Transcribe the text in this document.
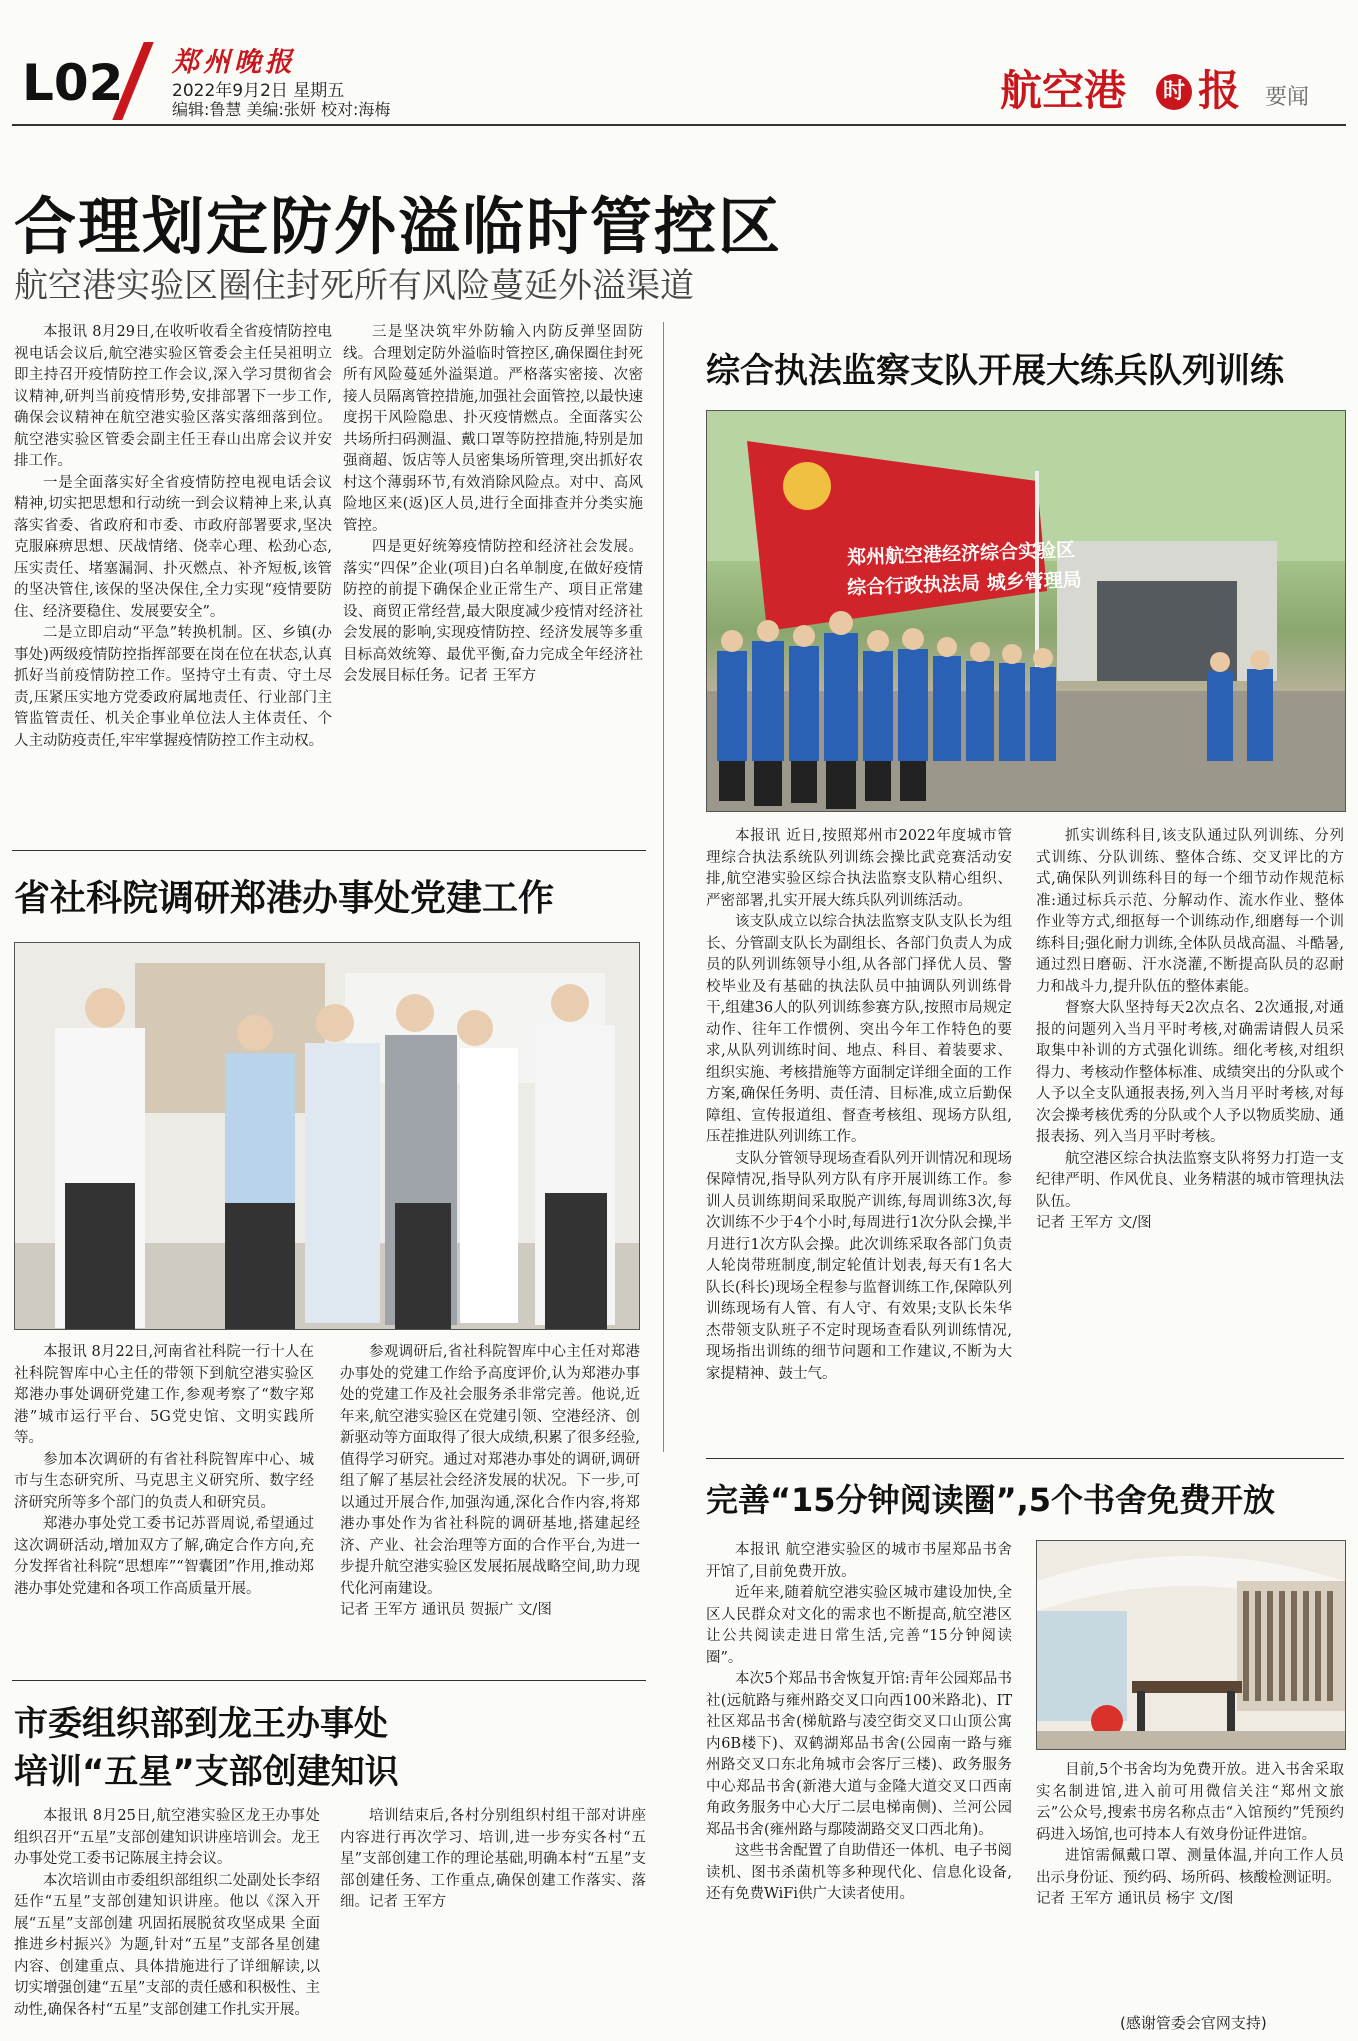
L02 郑州晚报
2022年9月2日 星期五
编辑:鲁慧 美编:张妍 校对:海梅	航空港	时 报 要闻
合理划定防外溢临时管控区
航空港实验区圈住封死所有风险蔓延外溢渠道

本报讯 8月29日,在收听收看全省疫情防控电视电话会议后,航空港实验区管委会主任吴祖明立即主持召开疫情防控工作会议,深入学习贯彻省会议精神,研判当前疫情形势,安排部署下一步工作,确保会议精神在航空港实验区落实落细落到位。航空港实验区管委会副主任王春山出席会议并安排工作。

一是全面落实好全省疫情防控电视电话会议精神,切实把思想和行动统一到会议精神上来,认真落实省委、省政府和市委、市政府部署要求,坚决克服麻痹思想、厌战情绪、侥幸心理、松劲心态,压实责任、堵塞漏洞、扑灭燃点、补齐短板,该管的坚决管住,该保的坚决保住,全力实现“疫情要防住、经济要稳住、发展要安全”。

二是立即启动“平急”转换机制。区、乡镇(办事处)两级疫情防控指挥部要在岗在位在状态,认真抓好当前疫情防控工作。坚持守土有责、守土尽责,压紧压实地方党委政府属地责任、行业部门主管监管责任、机关企事业单位法人主体责任、个人主动防疫责任,牢牢掌握疫情防控工作主动权。

三是坚决筑牢外防输入内防反弹坚固防线。合理划定防外溢临时管控区,确保圈住封死所有风险蔓延外溢渠道。严格落实密接、次密接人员隔离管控措施,加强社会面管控,以最快速度拐干风险隐患、扑灭疫情燃点。全面落实公共场所扫码测温、戴口罩等防控措施,特别是加强商超、饭店等人员密集场所管理,突出抓好农村这个薄弱环节,有效消除风险点。对中、高风险地区来(返)区人员,进行全面排查并分类实施管控。

四是更好统筹疫情防控和经济社会发展。落实“四保”企业(项目)白名单制度,在做好疫情防控的前提下确保企业正常生产、项目正常建设、商贸正常经营,最大限度减少疫情对经济社会发展的影响,实现疫情防控、经济发展等多重目标高效统筹、最优平衡,奋力完成全年经济社会发展目标任务。记者 王军方

综合执法监察支队开展大练兵队列训练
郑州航空港经济综合实验区
综合行政执法局 城乡管理局

本报讯 近日,按照郑州市2022年度城市管理综合执法系统队列训练会操比武竞赛活动安排,航空港实验区综合执法监察支队精心组织、严密部署,扎实开展大练兵队列训练活动。

该支队成立以综合执法监察支队支队长为组长、分管副支队长为副组长、各部门负责人为成员的队列训练领导小组,从各部门择优人员、警校毕业及有基础的执法队员中抽调队列训练骨干,组建36人的队列训练参赛方队,按照市局规定动作、往年工作惯例、突出今年工作特色的要求,从队列训练时间、地点、科目、着装要求、组织实施、考核措施等方面制定详细全面的工作方案,确保任务明、责任清、目标准,成立后勤保障组、宣传报道组、督查考核组、现场方队组,压茬推进队列训练工作。

支队分管领导现场查看队列开训情况和现场保障情况,指导队列方队有序开展训练工作。参训人员训练期间采取脱产训练,每周训练3次,每次训练不少于4个小时,每周进行1次分队会操,半月进行1次方队会操。此次训练采取各部门负责人轮岗带班制度,制定轮值计划表,每天有1名大队长(科长)现场全程参与监督训练工作,保障队列训练现场有人管、有人守、有效果;支队长朱华杰带领支队班子不定时现场查看队列训练情况,现场指出训练的细节问题和工作建议,不断为大家提精神、鼓士气。

抓实训练科目,该支队通过队列训练、分列式训练、分队训练、整体合练、交叉评比的方式,确保队列训练科目的每一个细节动作规范标准:通过标兵示范、分解动作、流水作业、整体作业等方式,细抠每一个训练动作,细磨每一个训练科目;强化耐力训练,全体队员战高温、斗酷暑,通过烈日磨砺、汗水浇灌,不断提高队员的忍耐力和战斗力,提升队伍的整体素能。

督察大队坚持每天2次点名、2次通报,对通报的问题列入当月平时考核,对确需请假人员采取集中补训的方式强化训练。细化考核,对组织得力、考核动作整体标准、成绩突出的分队或个人予以全支队通报表扬,列入当月平时考核,对每次会操考核优秀的分队或个人予以物质奖励、通报表扬、列入当月平时考核。

航空港区综合执法监察支队将努力打造一支纪律严明、作风优良、业务精湛的城市管理执法队伍。

记者 王军方 文/图

省社科院调研郑港办事处党建工作

本报讯 8月22日,河南省社科院一行十人在社科院智库中心主任的带领下到航空港实验区郑港办事处调研党建工作,参观考察了“数字郑港”城市运行平台、5G党史馆、文明实践所等。

参加本次调研的有省社科院智库中心、城市与生态研究所、马克思主义研究所、数字经济研究所等多个部门的负责人和研究员。

郑港办事处党工委书记苏晋周说,希望通过这次调研活动,增加双方了解,确定合作方向,充分发挥省社科院“思想库”“智囊团”作用,推动郑港办事处党建和各项工作高质量开展。

参观调研后,省社科院智库中心主任对郑港办事处的党建工作给予高度评价,认为郑港办事处的党建工作及社会服务杀非常完善。他说,近年来,航空港实验区在党建引领、空港经济、创新驱动等方面取得了很大成绩,积累了很多经验,值得学习研究。通过对郑港办事处的调研,调研组了解了基层社会经济发展的状况。下一步,可以通过开展合作,加强沟通,深化合作内容,将郑港办事处作为省社科院的调研基地,搭建起经济、产业、社会治理等方面的合作平台,为进一步提升航空港实验区发展拓展战略空间,助力现代化河南建设。

记者 王军方 通讯员 贺振广 文/图

市委组织部到龙王办事处
培训“五星”支部创建知识

本报讯 8月25日,航空港实验区龙王办事处组织召开“五星”支部创建知识讲座培训会。龙王办事处党工委书记陈展主持会议。

本次培训由市委组织部组织二处副处长李绍廷作“五星”支部创建知识讲座。他以《深入开展“五星”支部创建 巩固拓展脱贫攻坚成果 全面推进乡村振兴》为题,针对“五星”支部各星创建内容、创建重点、具体措施进行了详细解读,以切实增强创建“五星”支部的责任感和积极性、主动性,确保各村“五星”支部创建工作扎实开展。

培训结束后,各村分别组织村组干部对讲座内容进行再次学习、培训,进一步夯实各村“五星”支部创建工作的理论基础,明确本村“五星”支部创建任务、工作重点,确保创建工作落实、落细。记者 王军方

完善“15分钟阅读圈”,5个书舍免费开放

本报讯 航空港实验区的城市书屋郑品书舍开馆了,目前免费开放。

近年来,随着航空港实验区城市建设加快,全区人民群众对文化的需求也不断提高,航空港区让公共阅读走进日常生活,完善“15分钟阅读圈”。

本次5个郑品书舍恢复开馆:青年公园郑品书社(远航路与雍州路交叉口向西100米路北)、IT社区郑品书舍(梯航路与凌空街交叉口山顶公寓内6B楼下)、双鹤湖郑品书舍(公园南一路与雍州路交叉口东北角城市会客厅三楼)、政务服务中心郑品书舍(新港大道与金隆大道交叉口西南角政务服务中心大厅二层电梯南侧)、兰河公园郑品书舍(雍州路与鄢陵湖路交叉口西北角)。

这些书舍配置了自助借还一体机、电子书阅读机、图书杀菌机等多种现代化、信息化设备,还有免费WiFi供广大读者使用。

目前,5个书舍均为免费开放。进入书舍采取实名制进馆,进入前可用微信关注“郑州文旅云”公众号,搜索书房名称点击“入馆预约”凭预约码进入场馆,也可持本人有效身份证件进馆。

进馆需佩戴口罩、测量体温,并向工作人员出示身份证、预约码、场所码、核酸检测证明。

记者 王军方 通讯员 杨宇 文/图

(感谢管委会官网支持)
